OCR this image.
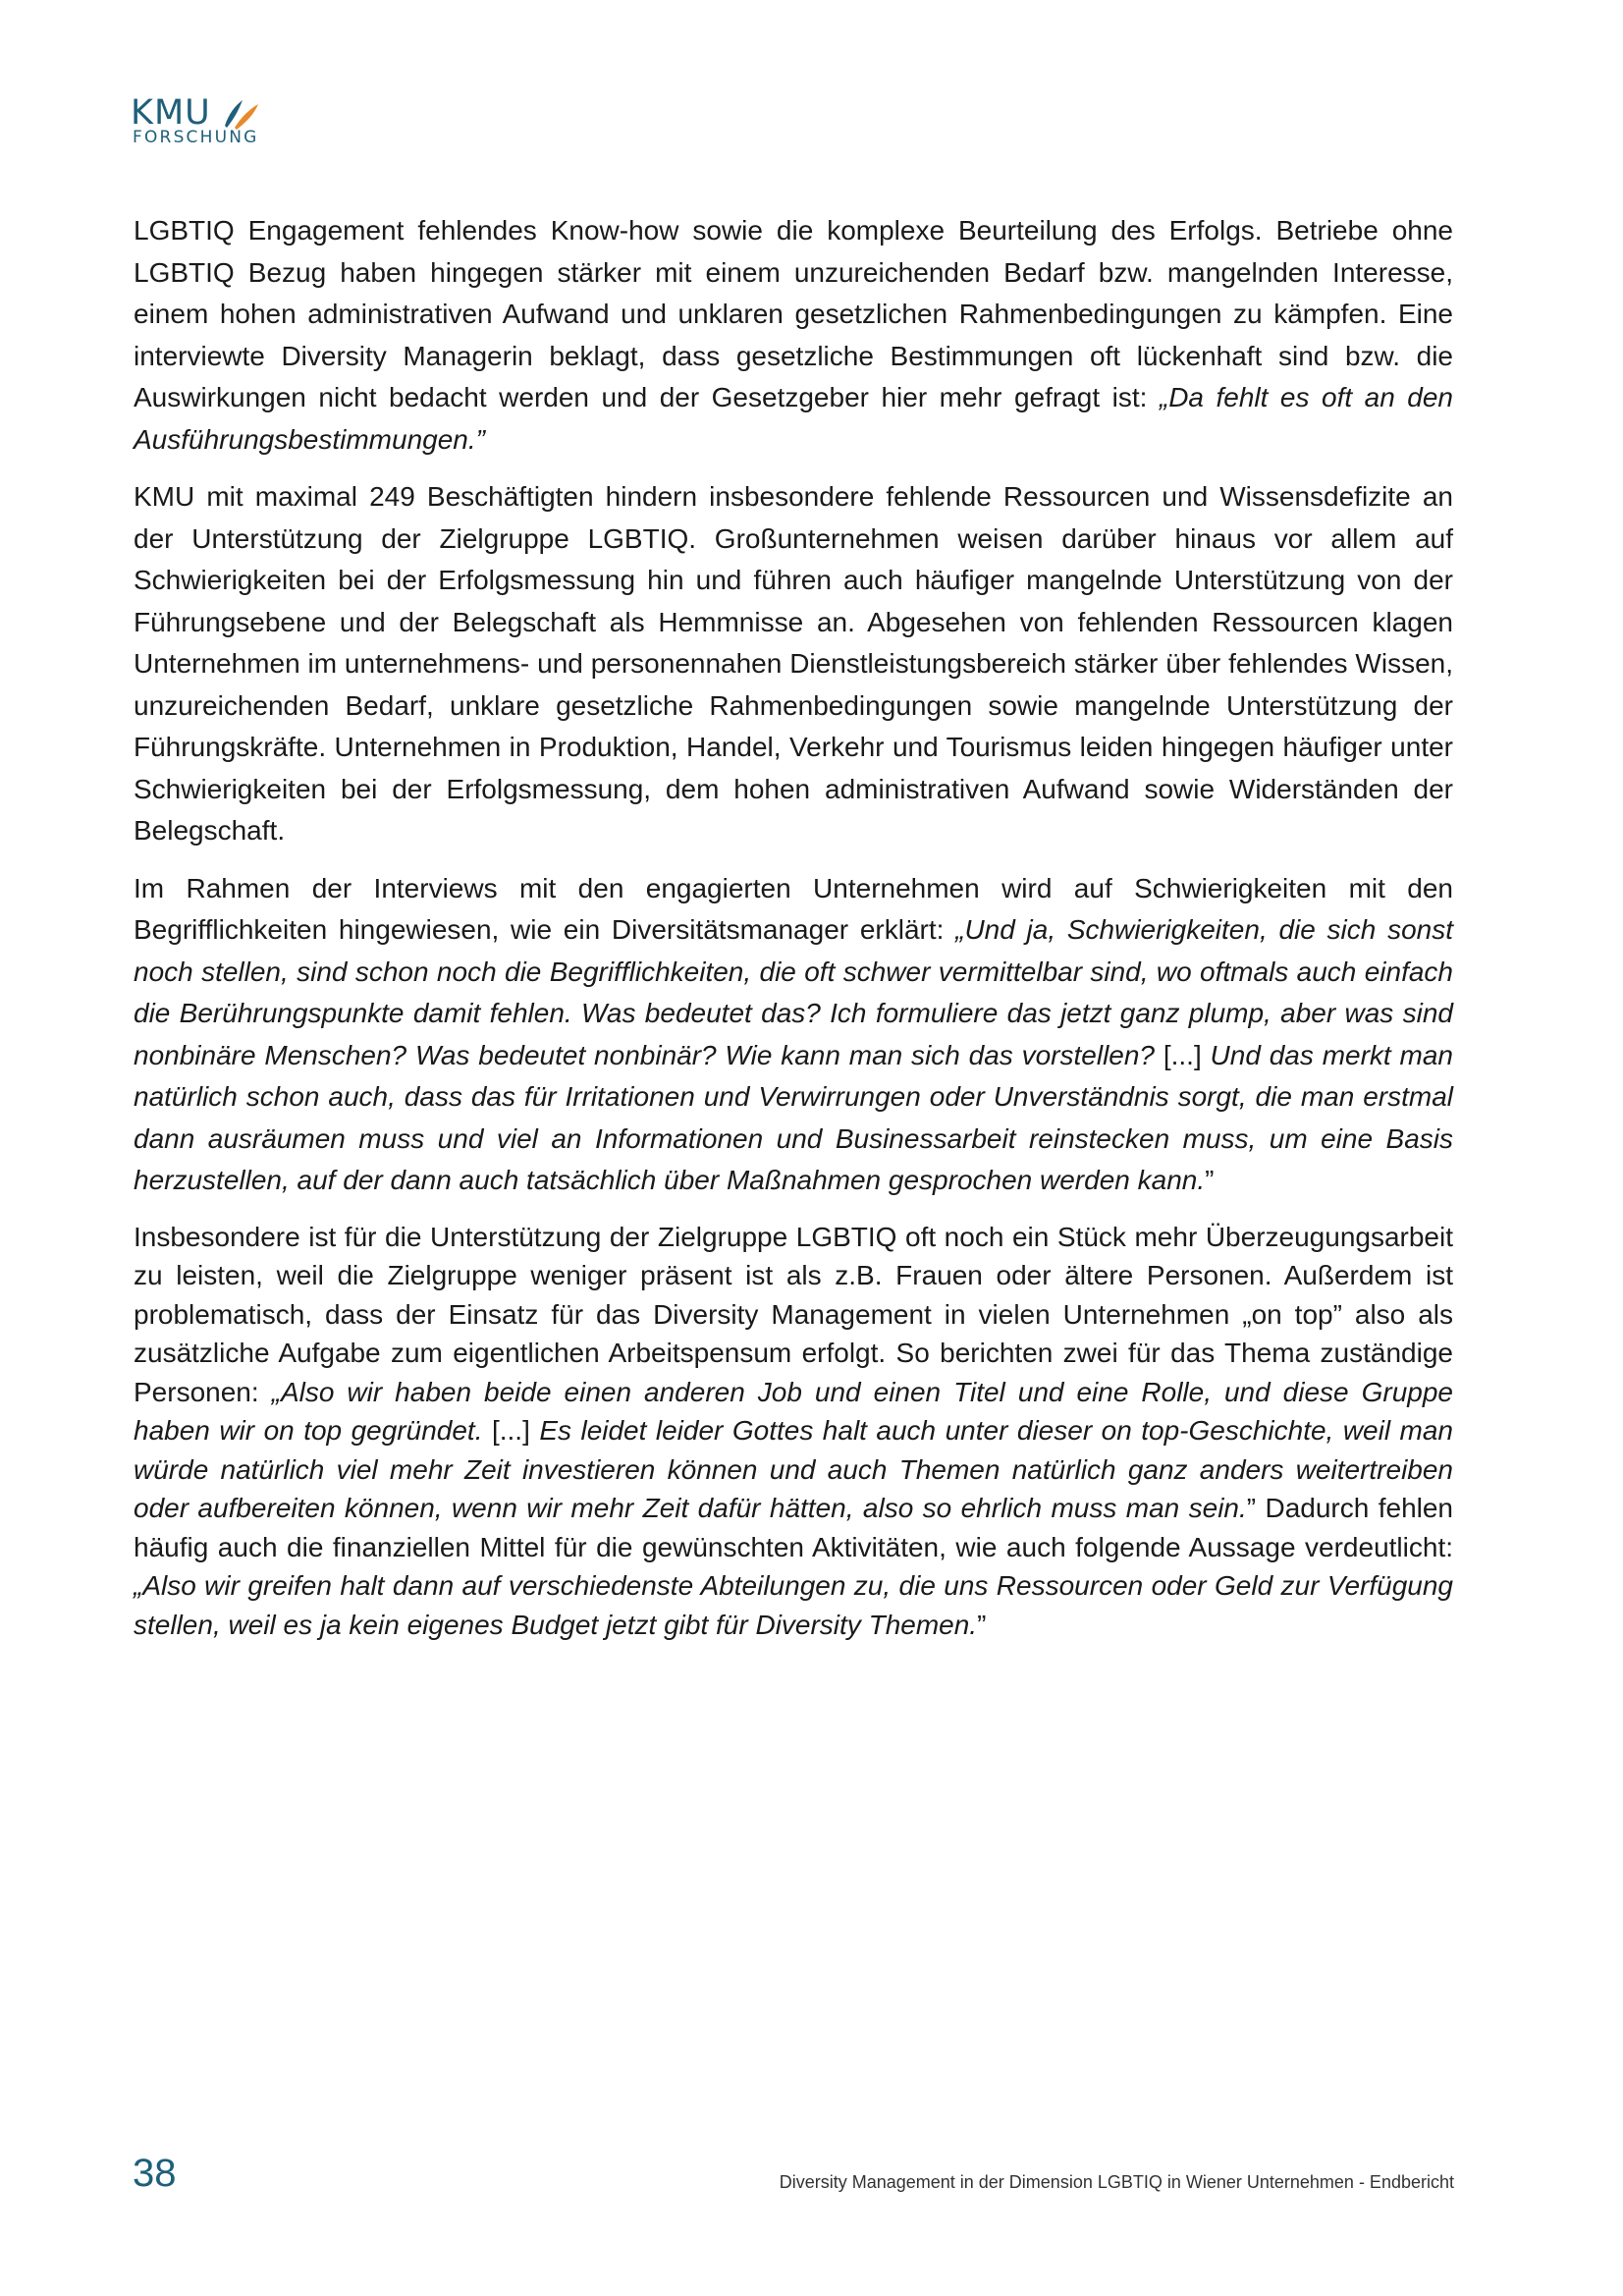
KMU
FORSCHUNG

LGBTIQ Engagement fehlendes Know-how sowie die komplexe Beurteilung des Erfolgs. Betriebe ohne LGBTIQ Bezug haben hingegen stärker mit einem unzureichenden Bedarf bzw. mangelnden Interesse, einem hohen administrativen Aufwand und unklaren gesetzlichen Rahmenbedingungen zu kämpfen. Eine interviewte Diversity Managerin beklagt, dass gesetzliche Bestimmungen oft lückenhaft sind bzw. die Auswirkungen nicht bedacht werden und der Gesetzgeber hier mehr gefragt ist: „Da fehlt es oft an den Ausführungsbestimmungen.”

KMU mit maximal 249 Beschäftigten hindern insbesondere fehlende Ressourcen und Wissensdefizite an der Unterstützung der Zielgruppe LGBTIQ. Großunternehmen weisen darüber hinaus vor allem auf Schwierigkeiten bei der Erfolgsmessung hin und führen auch häufiger mangelnde Unterstützung von der Führungsebene und der Belegschaft als Hemmnisse an. Abgesehen von fehlenden Ressourcen klagen Unternehmen im unternehmens- und personennahen Dienstleistungsbereich stärker über fehlendes Wissen, unzureichenden Bedarf, unklare gesetzliche Rahmenbedingungen sowie mangelnde Unterstützung der Führungskräfte. Unternehmen in Produktion, Handel, Verkehr und Tourismus leiden hingegen häufiger unter Schwierigkeiten bei der Erfolgsmessung, dem hohen administrativen Aufwand sowie Widerständen der Belegschaft.

Im Rahmen der Interviews mit den engagierten Unternehmen wird auf Schwierigkeiten mit den Begrifflichkeiten hingewiesen, wie ein Diversitätsmanager erklärt: „Und ja, Schwierigkeiten, die sich sonst noch stellen, sind schon noch die Begrifflichkeiten, die oft schwer vermittelbar sind, wo oftmals auch einfach die Berührungspunkte damit fehlen. Was bedeutet das? Ich formuliere das jetzt ganz plump, aber was sind nonbinäre Menschen? Was bedeutet nonbinär? Wie kann man sich das vorstellen? [...] Und das merkt man natürlich schon auch, dass das für Irritationen und Verwirrungen oder Unverständnis sorgt, die man erstmal dann ausräumen muss und viel an Informationen und Businessarbeit reinstecken muss, um eine Basis herzustellen, auf der dann auch tatsächlich über Maßnahmen gesprochen werden kann.”

Insbesondere ist für die Unterstützung der Zielgruppe LGBTIQ oft noch ein Stück mehr Überzeugungsarbeit zu leisten, weil die Zielgruppe weniger präsent ist als z.B. Frauen oder ältere Personen. Außerdem ist problematisch, dass der Einsatz für das Diversity Management in vielen Unternehmen „on top” also als zusätzliche Aufgabe zum eigentlichen Arbeitspensum erfolgt. So berichten zwei für das Thema zuständige Personen: „Also wir haben beide einen anderen Job und einen Titel und eine Rolle, und diese Gruppe haben wir on top gegründet. [...] Es leidet leider Gottes halt auch unter dieser on top-Geschichte, weil man würde natürlich viel mehr Zeit investieren können und auch Themen natürlich ganz anders weitertreiben oder aufbereiten können, wenn wir mehr Zeit dafür hätten, also so ehrlich muss man sein.” Dadurch fehlen häufig auch die finanziellen Mittel für die gewünschten Aktivitäten, wie auch folgende Aussage verdeutlicht: „Also wir greifen halt dann auf verschiedenste Abteilungen zu, die uns Ressourcen oder Geld zur Verfügung stellen, weil es ja kein eigenes Budget jetzt gibt für Diversity Themen.”

38	Diversity Management in der Dimension LGBTIQ in Wiener Unternehmen - Endbericht
